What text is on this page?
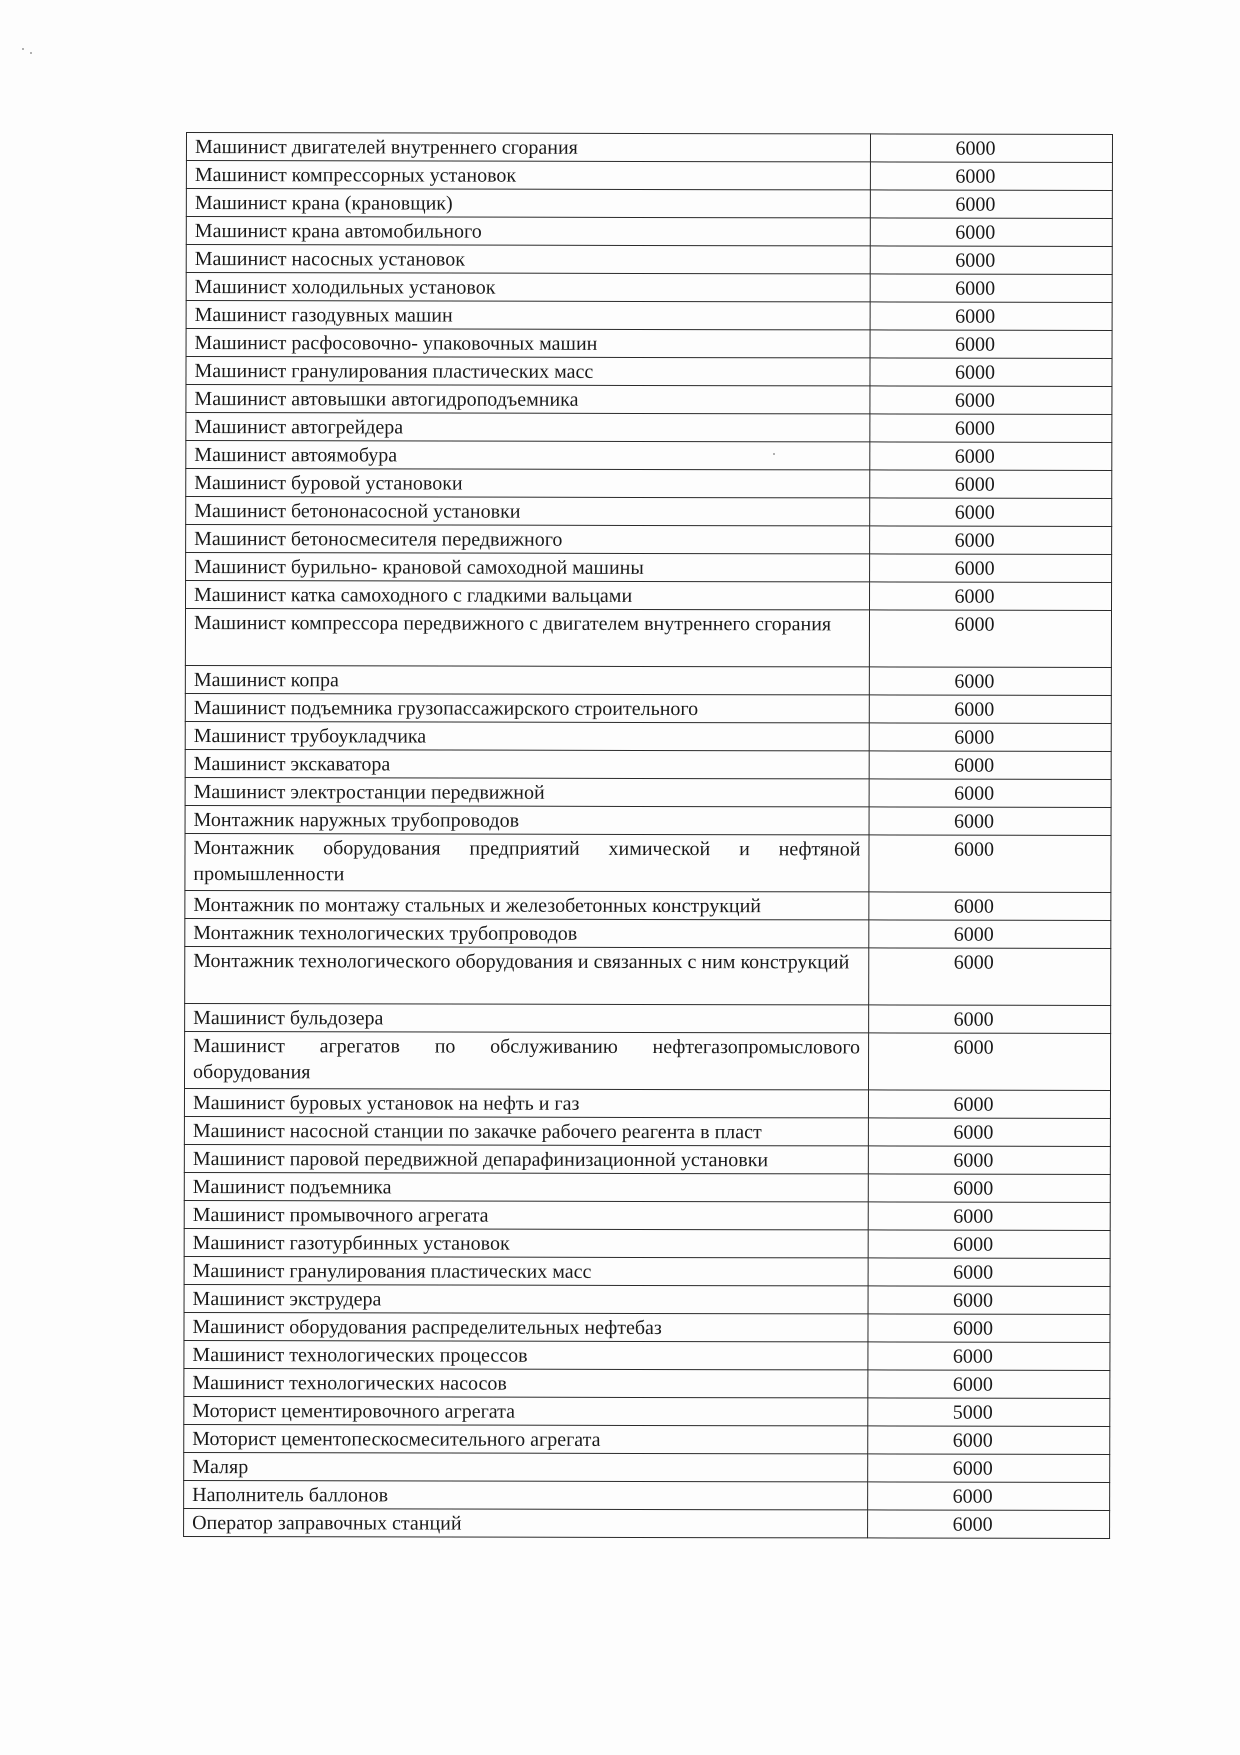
Машинист двигателей внутреннего сгорания	6000
Машинист компрессорных установок	6000
Машинист крана (крановщик)	6000
Машинист крана автомобильного	6000
Машинист насосных установок	6000
Машинист холодильных установок	6000
Машинист газодувных машин	6000
Машинист расфосовочно- упаковочных машин	6000
Машинист гранулирования пластических масс	6000
Машинист автовышки автогидроподъемника	6000
Машинист автогрейдера	6000
Машинист автоямобура	6000
Машинист буровой установоки	6000
Машинист бетононасосной установки	6000
Машинист бетоносмесителя передвижного	6000
Машинист бурильно- крановой самоходной машины	6000
Машинист катка самоходного с гладкими вальцами	6000
Машинист компрессора передвижного с двигателем внутреннего сгорания	6000
Машинист копра	6000
Машинист подъемника грузопассажирского строительного	6000
Машинист трубоукладчика	6000
Машинист экскаватора	6000
Машинист электростанции передвижной	6000
Монтажник наружных трубопроводов	6000
Монтажник оборудования предприятий химической и нефтяной промышленности	6000
Монтажник по монтажу стальных и железобетонных конструкций	6000
Монтажник технологических трубопроводов	6000
Монтажник технологического оборудования и связанных с ним конструкций	6000
Машинист бульдозера	6000
Машинист агрегатов по обслуживанию нефтегазопромыслового оборудования	6000
Машинист буровых установок на нефть и газ	6000
Машинист насосной станции по закачке рабочего реагента в пласт	6000
Машинист паровой передвижной депарафинизационной установки	6000
Машинист подъемника	6000
Машинист промывочного агрегата	6000
Машинист газотурбинных установок	6000
Машинист гранулирования пластических масс	6000
Машинист экструдера	6000
Машинист оборудования распределительных нефтебаз	6000
Машинист технологических процессов	6000
Машинист технологических насосов	6000
Моторист цементировочного агрегата	5000
Моторист цементопескосмесительного агрегата	6000
Маляр	6000
Наполнитель баллонов	6000
Оператор заправочных станций	6000
